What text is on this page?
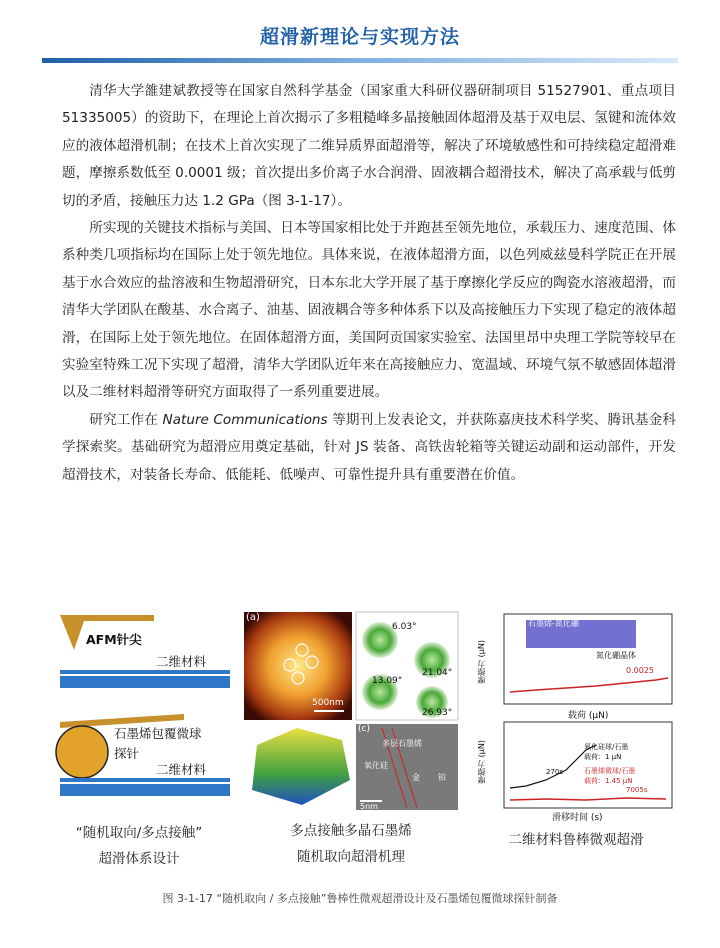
超滑新理论与实现方法

清华大学雒建斌教授等在国家自然科学基金（国家重大科研仪器研制项目 51527901、重点项目 51335005）的资助下，在理论上首次揭示了多粗糙峰多晶接触固体超滑及基于双电层、氢键和流体效应的液体超滑机制；在技术上首次实现了二维异质界面超滑等，解决了环境敏感性和可持续稳定超滑难题，摩擦系数低至 0.0001 级；首次提出多价离子水合润滑、固液耦合超滑技术，解决了高承载与低剪切的矛盾，接触压力达 1.2 GPa（图 3-1-17）。

所实现的关键技术指标与美国、日本等国家相比处于并跑甚至领先地位，承载压力、速度范围、体系种类几项指标均在国际上处于领先地位。具体来说，在液体超滑方面，以色列威兹曼科学院正在开展基于水合效应的盐溶液和生物超滑研究，日本东北大学开展了基于摩擦化学反应的陶瓷水溶液超滑，而清华大学团队在酸基、水合离子、油基、固液耦合等多种体系下以及高接触压力下实现了稳定的液体超滑，在国际上处于领先地位。在固体超滑方面，美国阿贡国家实验室、法国里昂中央理工学院等较早在实验室特殊工况下实现了超滑，清华大学团队近年来在高接触应力、宽温域、环境气氛不敏感固体超滑以及二维材料超滑等研究方面取得了一系列重要进展。

研究工作在 Nature Communications 等期刊上发表论文，并获陈嘉庚技术科学奖、腾讯基金科学探索奖。基础研究为超滑应用奠定基础，针对 JS 装备、高铁齿轮箱等关键运动副和运动部件，开发超滑技术，对装备长寿命、低能耗、低噪声、可靠性提升具有重要潜在价值。

AFM针尖
二维材料
石墨烯包覆微球
探针
二维材料
“随机取向/多点接触”
超滑体系设计
(a)
500nm
6.03°
21.04°
13.09°
26.93°
(c)
多层石墨烯
氧化硅
金 铂
5nm
多点接触多晶石墨烯
随机取向超滑机理
石墨烯-氮化硼
氮化硼晶体
0.0025
摩擦力 (μN)
载荷 (μN)
氧化硅球/石墨
载荷：1 μN
石墨烯微球/石墨
载荷：1.45 μN
270s
7005s
摩擦力 (μN)
滑移时间 (s)
二维材料鲁棒微观超滑
图 3-1-17 “随机取向 / 多点接触”鲁棒性微观超滑设计及石墨烯包覆微球探针制备
